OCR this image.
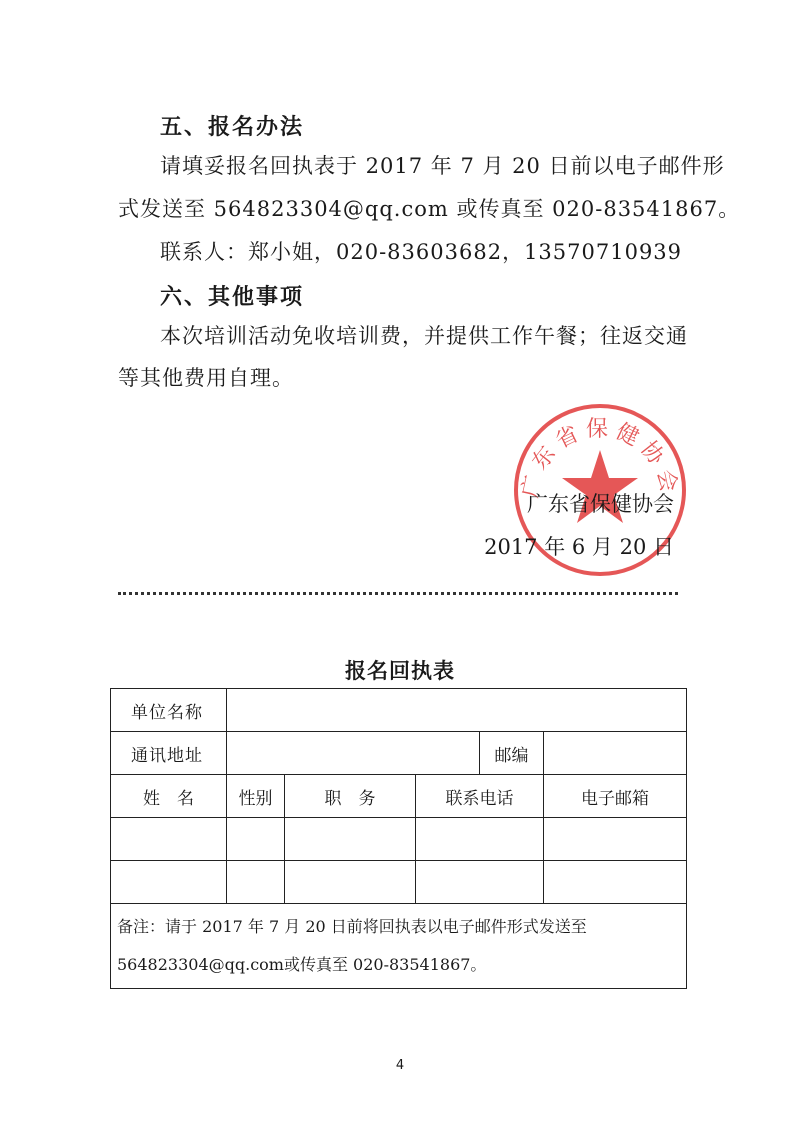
五、报名办法
请填妥报名回执表于 2017 年 7 月 20 日前以电子邮件形
式发送至 564823304@qq.com 或传真至 020-83541867。
联系人：郑小姐，020-83603682，13570710939
六、其他事项
本次培训活动免收培训费，并提供工作午餐；往返交通
等其他费用自理。
广东省保健协会
广东省保健协会
2017 年 6 月 20 日
报名回执表
单位名称					
通讯地址				邮编	
姓　名	性别	职　务	联系电话		电子邮箱

备注：请于 2017 年 7 月 20 日前将回执表以电子邮件形式发送至
564823304@qq.com或传真至 020-83541867。					
4
